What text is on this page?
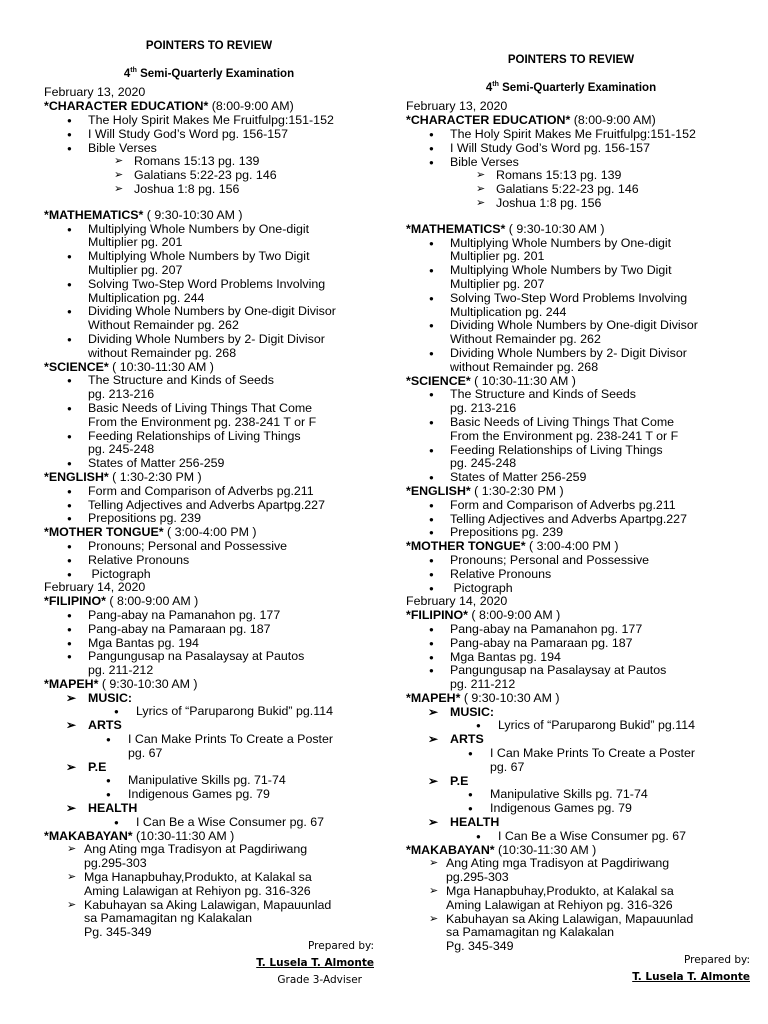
POINTERS TO REVIEW
4th Semi-Quarterly Examination
February 13, 2020
*CHARACTER EDUCATION* (8:00-9:00 AM)
● The Holy Spirit Makes Me Fruitfulpg:151-152
● I Will Study God’s Word pg. 156-157
● Bible Verses
➢ Romans 15:13 pg. 139
➢ Galatians 5:22-23 pg. 146
➢ Joshua 1:8 pg. 156
*MATHEMATICS* ( 9:30-10:30 AM )
● Multiplying Whole Numbers by One-digit
Multiplier pg. 201
● Multiplying Whole Numbers by Two Digit
Multiplier pg. 207
● Solving Two-Step Word Problems Involving
Multiplication pg. 244
● Dividing Whole Numbers by One-digit Divisor
Without Remainder pg. 262
● Dividing Whole Numbers by 2- Digit Divisor
without Remainder pg. 268
*SCIENCE* ( 10:30-11:30 AM )
● The Structure and Kinds of Seeds
pg. 213-216
● Basic Needs of Living Things That Come
From the Environment pg. 238-241 T or F
● Feeding Relationships of Living Things
pg. 245-248
● States of Matter 256-259
*ENGLISH* ( 1:30-2:30 PM )
● Form and Comparison of Adverbs pg.211
● Telling Adjectives and Adverbs Apartpg.227
● Prepositions pg. 239
*MOTHER TONGUE* ( 3:00-4:00 PM )
● Pronouns; Personal and Possessive
● Relative Pronouns
●  Pictograph
February 14, 2020
*FILIPINO* ( 8:00-9:00 AM )
● Pang-abay na Pamanahon pg. 177
● Pang-abay na Pamaraan pg. 187
● Mga Bantas pg. 194
● Pangungusap na Pasalaysay at Pautos
pg. 211-212
*MAPEH* ( 9:30-10:30 AM )
➢ MUSIC:
● Lyrics of “Paruparong Bukid” pg.114
➢ ARTS
● I Can Make Prints To Create a Poster
pg. 67
➢ P.E
● Manipulative Skills pg. 71-74
● Indigenous Games pg. 79
➢ HEALTH
● I Can Be a Wise Consumer pg. 67
*MAKABAYAN* (10:30-11:30 AM )
➢ Ang Ating mga Tradisyon at Pagdiriwang
pg.295-303
➢ Mga Hanapbuhay,Produkto, at Kalakal sa
Aming Lalawigan at Rehiyon pg. 316-326
➢ Kabuhayan sa Aking Lalawigan, Mapauunlad
sa Pamamagitan ng Kalakalan
Pg. 345-349
Prepared by:
T. Lusela T. Almonte
Grade 3-Adviser
POINTERS TO REVIEW
4th Semi-Quarterly Examination
February 13, 2020
*CHARACTER EDUCATION* (8:00-9:00 AM)
● The Holy Spirit Makes Me Fruitfulpg:151-152
● I Will Study God’s Word pg. 156-157
● Bible Verses
➢ Romans 15:13 pg. 139
➢ Galatians 5:22-23 pg. 146
➢ Joshua 1:8 pg. 156
*MATHEMATICS* ( 9:30-10:30 AM )
● Multiplying Whole Numbers by One-digit
Multiplier pg. 201
● Multiplying Whole Numbers by Two Digit
Multiplier pg. 207
● Solving Two-Step Word Problems Involving
Multiplication pg. 244
● Dividing Whole Numbers by One-digit Divisor
Without Remainder pg. 262
● Dividing Whole Numbers by 2- Digit Divisor
without Remainder pg. 268
*SCIENCE* ( 10:30-11:30 AM )
● The Structure and Kinds of Seeds
pg. 213-216
● Basic Needs of Living Things That Come
From the Environment pg. 238-241 T or F
● Feeding Relationships of Living Things
pg. 245-248
● States of Matter 256-259
*ENGLISH* ( 1:30-2:30 PM )
● Form and Comparison of Adverbs pg.211
● Telling Adjectives and Adverbs Apartpg.227
● Prepositions pg. 239
*MOTHER TONGUE* ( 3:00-4:00 PM )
● Pronouns; Personal and Possessive
● Relative Pronouns
●  Pictograph
February 14, 2020
*FILIPINO* ( 8:00-9:00 AM )
● Pang-abay na Pamanahon pg. 177
● Pang-abay na Pamaraan pg. 187
● Mga Bantas pg. 194
● Pangungusap na Pasalaysay at Pautos
pg. 211-212
*MAPEH* ( 9:30-10:30 AM )
➢ MUSIC:
● Lyrics of “Paruparong Bukid” pg.114
➢ ARTS
● I Can Make Prints To Create a Poster
pg. 67
➢ P.E
● Manipulative Skills pg. 71-74
● Indigenous Games pg. 79
➢ HEALTH
● I Can Be a Wise Consumer pg. 67
*MAKABAYAN* (10:30-11:30 AM )
➢ Ang Ating mga Tradisyon at Pagdiriwang
pg.295-303
➢ Mga Hanapbuhay,Produkto, at Kalakal sa
Aming Lalawigan at Rehiyon pg. 316-326
➢ Kabuhayan sa Aking Lalawigan, Mapauunlad
sa Pamamagitan ng Kalakalan
Pg. 345-349
Prepared by:
T. Lusela T. Almonte
